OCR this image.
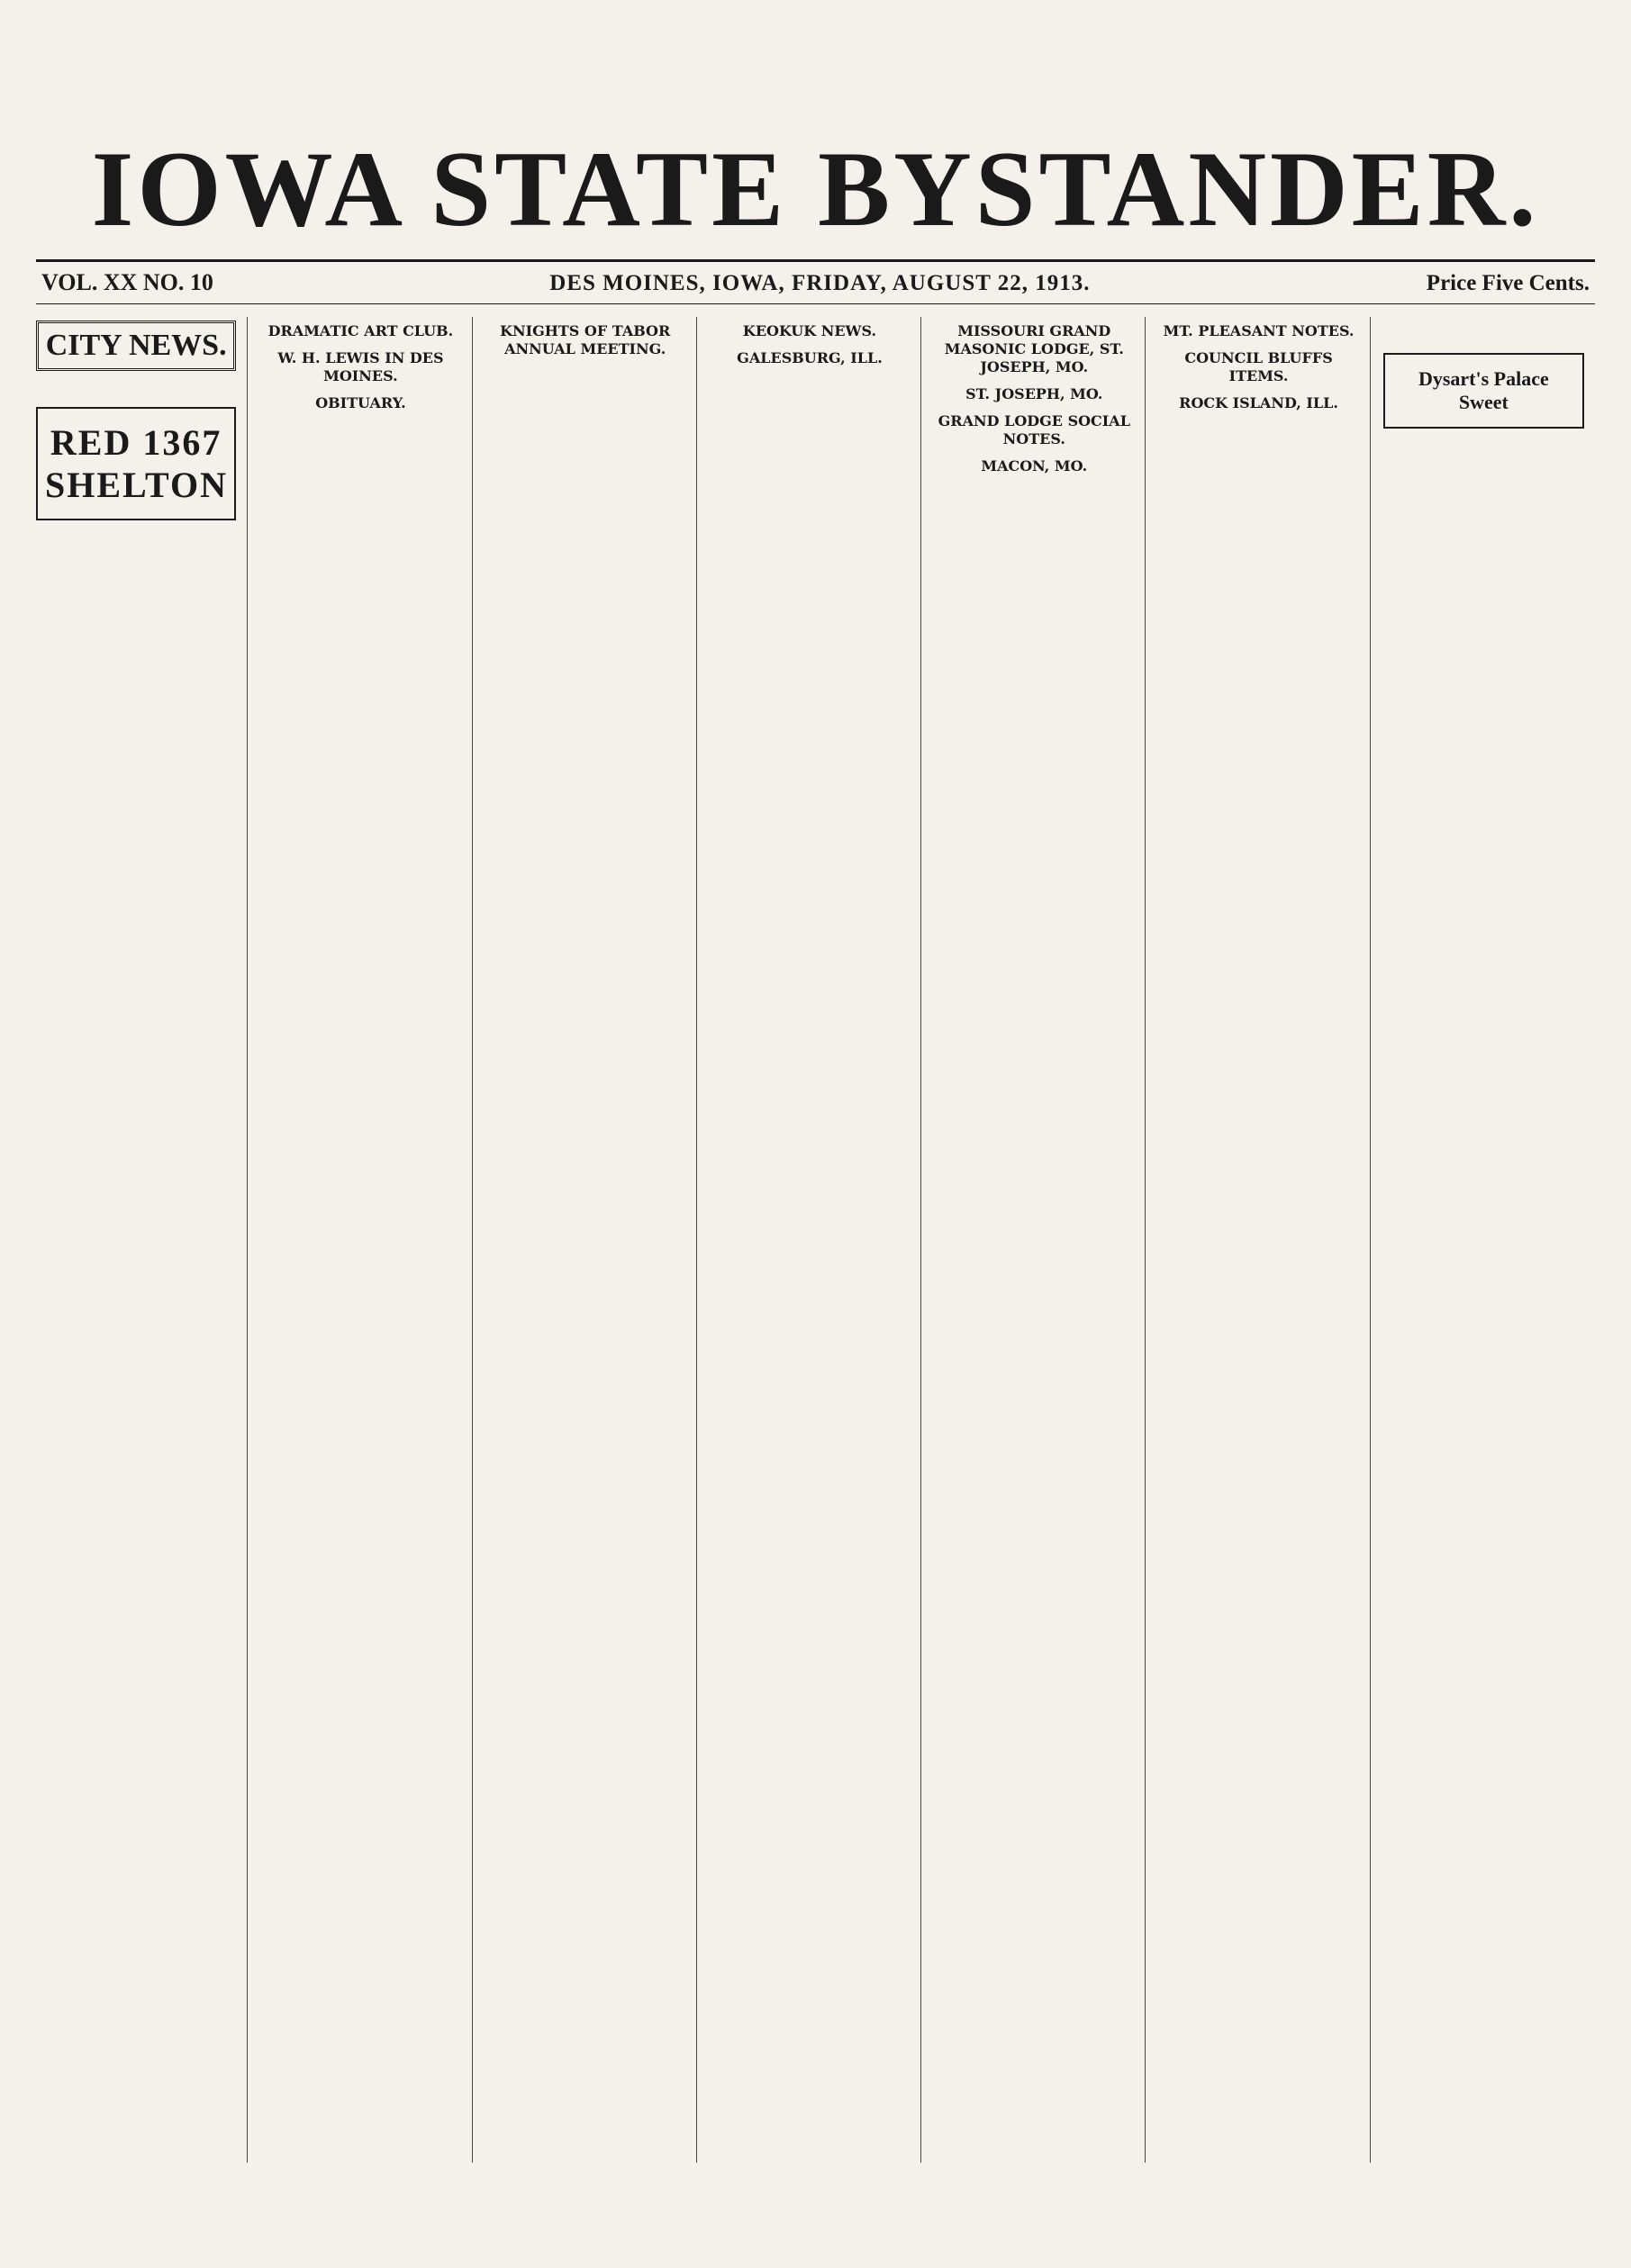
IOWA STATE BYSTANDER.
VOL. XX NO. 10	DES MOINES, IOWA, FRIDAY, AUGUST 22, 1913.	Price Five Cents.
CITY NEWS.
RED 1367
SHELTON
DRAMATIC ART CLUB.
W. H. LEWIS IN DES MOINES.
OBITUARY.
KNIGHTS OF TABOR ANNUAL MEETING.
KEOKUK NEWS.
GALESBURG, ILL.
MISSOURI GRAND MASONIC LODGE, ST. JOSEPH, MO.
ST. JOSEPH, MO.
GRAND LODGE SOCIAL NOTES.
MACON, MO.
MT. PLEASANT NOTES.
COUNCIL BLUFFS ITEMS.
ROCK ISLAND, ILL.
Dysart's Palace Sweet
